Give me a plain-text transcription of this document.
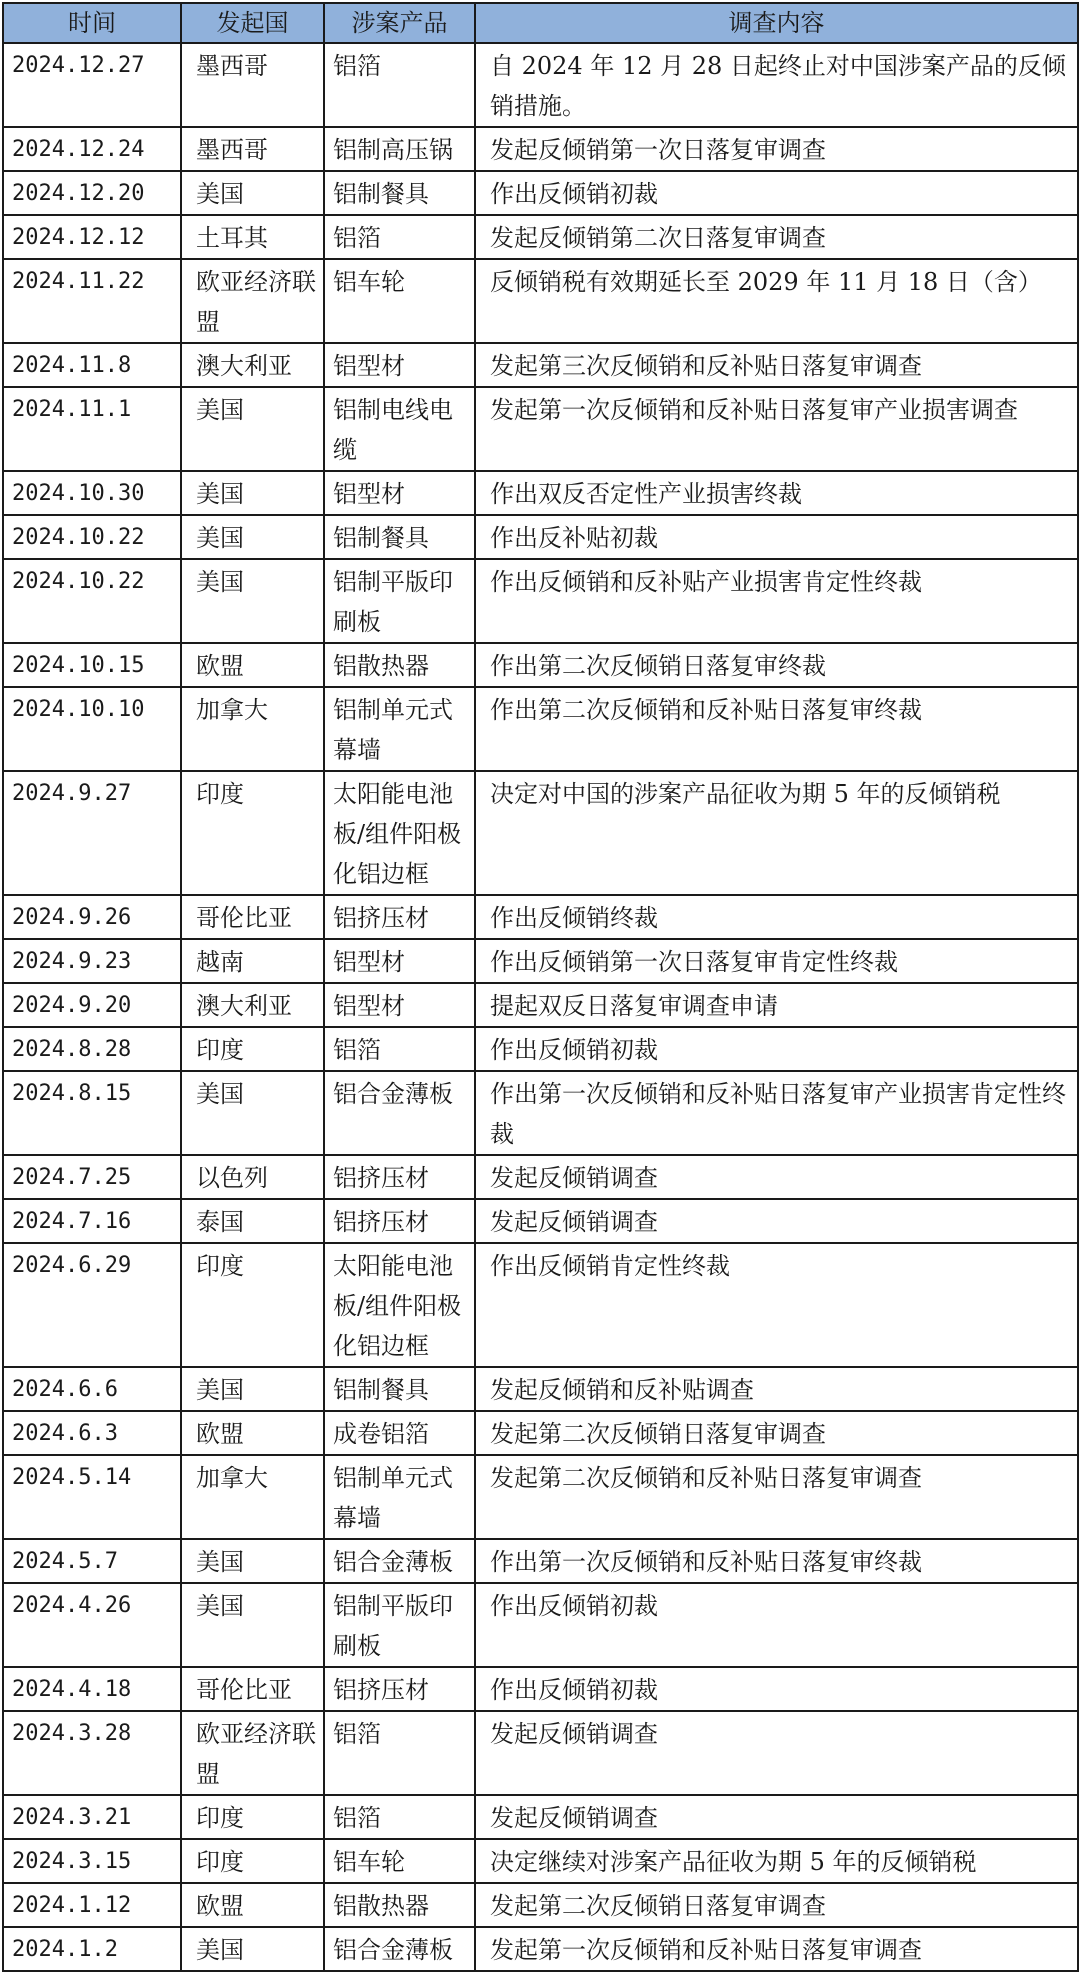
时间	发起国	涉案产品	调查内容
2024.12.27	墨西哥	铝箔	自 2024 年 12 月 28 日起终止对中国涉案产品的反倾销措施。
2024.12.24	墨西哥	铝制高压锅	发起反倾销第一次日落复审调查
2024.12.20	美国	铝制餐具	作出反倾销初裁
2024.12.12	土耳其	铝箔	发起反倾销第二次日落复审调查
2024.11.22	欧亚经济联盟	铝车轮	反倾销税有效期延长至 2029 年 11 月 18 日（含）
2024.11.8	澳大利亚	铝型材	发起第三次反倾销和反补贴日落复审调查
2024.11.1	美国	铝制电线电缆	发起第一次反倾销和反补贴日落复审产业损害调查
2024.10.30	美国	铝型材	作出双反否定性产业损害终裁
2024.10.22	美国	铝制餐具	作出反补贴初裁
2024.10.22	美国	铝制平版印刷板	作出反倾销和反补贴产业损害肯定性终裁
2024.10.15	欧盟	铝散热器	作出第二次反倾销日落复审终裁
2024.10.10	加拿大	铝制单元式幕墙	作出第二次反倾销和反补贴日落复审终裁
2024.9.27	印度	太阳能电池板/组件阳极化铝边框	决定对中国的涉案产品征收为期 5 年的反倾销税
2024.9.26	哥伦比亚	铝挤压材	作出反倾销终裁
2024.9.23	越南	铝型材	作出反倾销第一次日落复审肯定性终裁
2024.9.20	澳大利亚	铝型材	提起双反日落复审调查申请
2024.8.28	印度	铝箔	作出反倾销初裁
2024.8.15	美国	铝合金薄板	作出第一次反倾销和反补贴日落复审产业损害肯定性终裁
2024.7.25	以色列	铝挤压材	发起反倾销调查
2024.7.16	泰国	铝挤压材	发起反倾销调查
2024.6.29	印度	太阳能电池板/组件阳极化铝边框	作出反倾销肯定性终裁
2024.6.6	美国	铝制餐具	发起反倾销和反补贴调查
2024.6.3	欧盟	成卷铝箔	发起第二次反倾销日落复审调查
2024.5.14	加拿大	铝制单元式幕墙	发起第二次反倾销和反补贴日落复审调查
2024.5.7	美国	铝合金薄板	作出第一次反倾销和反补贴日落复审终裁
2024.4.26	美国	铝制平版印刷板	作出反倾销初裁
2024.4.18	哥伦比亚	铝挤压材	作出反倾销初裁
2024.3.28	欧亚经济联盟	铝箔	发起反倾销调查
2024.3.21	印度	铝箔	发起反倾销调查
2024.3.15	印度	铝车轮	决定继续对涉案产品征收为期 5 年的反倾销税
2024.1.12	欧盟	铝散热器	发起第二次反倾销日落复审调查
2024.1.2	美国	铝合金薄板	发起第一次反倾销和反补贴日落复审调查
